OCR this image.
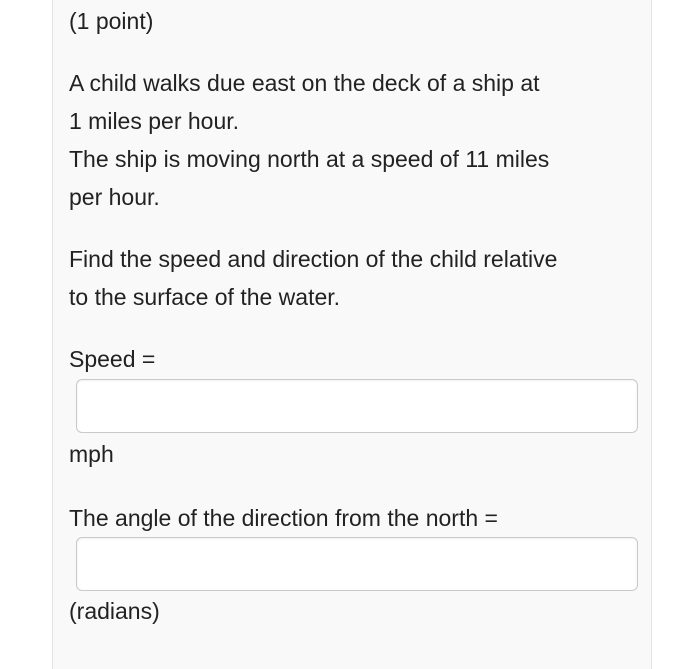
(1 point)
A child walks due east on the deck of a ship at
1 miles per hour.
The ship is moving north at a speed of 11 miles
per hour.
Find the speed and direction of the child relative
to the surface of the water.
Speed =
mph
The angle of the direction from the north =
(radians)
